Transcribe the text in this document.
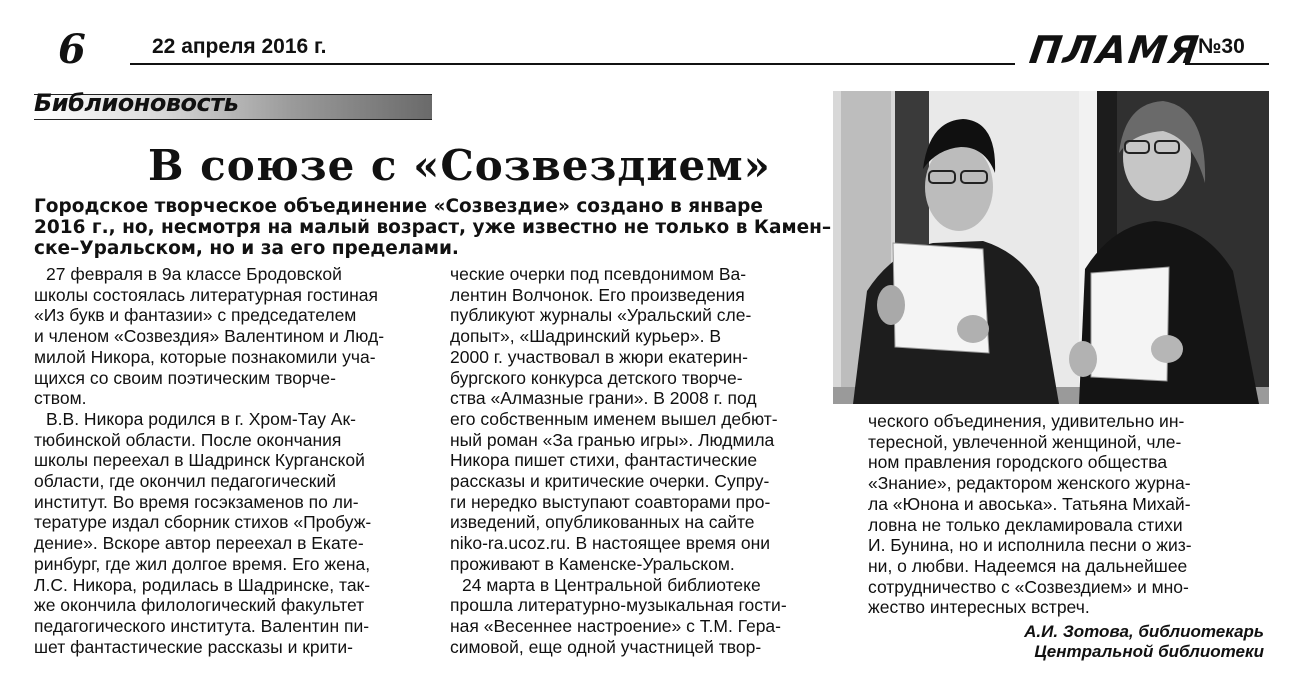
6	22 апреля 2016 г.	ПЛАМЯ
№30
Библионовость
В союзе с «Созвездием»
Городское творческое объединение «Созвездие» создано в январе
2016 г., но, несмотря на малый возраст, уже известно не только в Камен–
ске–Уральском, но и за его пределами.
27 февраля в 9а классе Бродовской
школы состоялась литературная гостиная
«Из букв и фантазии» с председателем
и членом «Созвездия» Валентином и Люд-
милой Никора, которые познакомили уча-
щихся со своим поэтическим творче-
ством.
В.В. Никора родился в г. Хром-Тау Ак-
тюбинской области. После окончания
школы переехал в Шадринск Курганской
области, где окончил педагогический
институт. Во время госэкзаменов по ли-
тературе издал сборник стихов «Пробуж-
дение». Вскоре автор переехал в Екате-
ринбург, где жил долгое время. Его жена,
Л.С. Никора, родилась в Шадринске, так-
же окончила филологический факультет
педагогического института. Валентин пи-
шет фантастические рассказы и крити-
ческие очерки под псевдонимом Ва-
лентин Волчонок. Его произведения
публикуют журналы «Уральский сле-
допыт», «Шадринский курьер». В
2000 г. участвовал в жюри екатерин-
бургского конкурса детского творче-
ства «Алмазные грани». В 2008 г. под
его собственным именем вышел дебют-
ный роман «За гранью игры». Людмила
Никора пишет стихи, фантастические
рассказы и критические очерки. Супру-
ги нередко выступают соавторами про-
изведений, опубликованных на сайте
niko-ra.ucoz.ru. В настоящее время они
проживают в Каменске-Уральском.
24 марта в Центральной библиотеке
прошла литературно-музыкальная гости-
ная «Весеннее настроение» с Т.М. Гера-
симовой, еще одной участницей твор-
ческого объединения, удивительно ин-
тересной, увлеченной женщиной, чле-
ном правления городского общества
«Знание», редактором женского журна-
ла «Юнона и авоська». Татьяна Михай-
ловна не только декламировала стихи
И. Бунина, но и исполнила песни о жиз-
ни, о любви. Надеемся на дальнейшее
сотрудничество с «Созвездием» и мно-
жество интересных встреч.
А.И. Зотова, библиотекарь
Центральной библиотеки
